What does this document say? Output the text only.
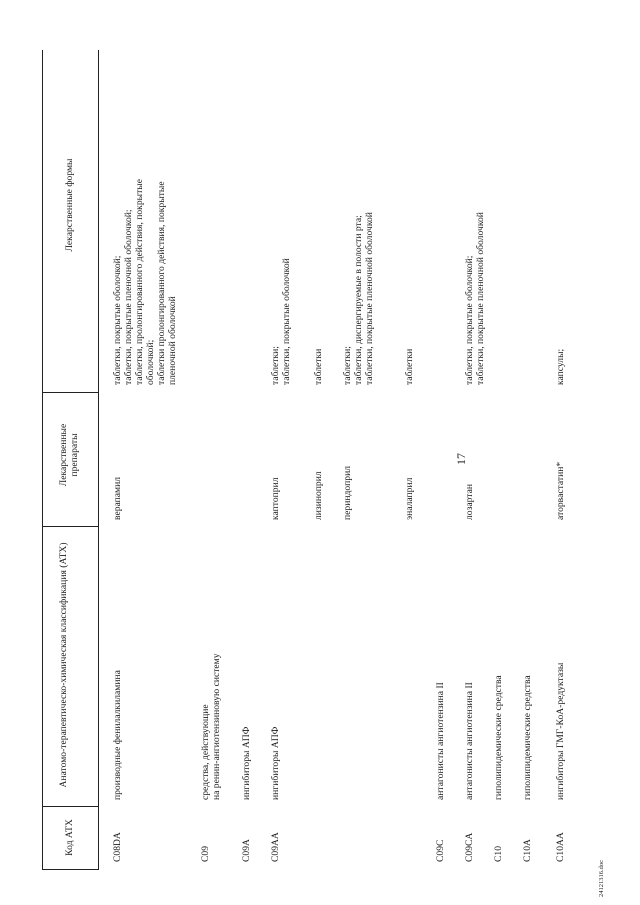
17
Код АТХ
Анатомо-терапевтическо-химическая классификация (АТХ)
Лекарственные препараты
Лекарственные формы
C08DA
производные фенилалкиламина
верапамил
таблетки, покрытые оболочкой; таблетки, покрытые пленочной оболочкой; таблетки, пролонгированного действия, покрытые оболочкой; таблетки пролонгированного действия, покрытые пленочной оболочкой
C09
средства, действующие на ренин-ангиотензиновую систему
C09A
ингибиторы АПФ
C09AA
ингибиторы АПФ
каптоприл
таблетки; таблетки, покрытые оболочкой
лизиноприл
таблетки
периндоприл
таблетки; таблетки, диспергируемые в полости рта; таблетки, покрытые пленочной оболочкой
эналаприл
таблетки
C09C
антагонисты ангиотензина II
C09CA
антагонисты ангиотензина II
лозартан
таблетки, покрытые оболочкой; таблетки, покрытые пленочной оболочкой
C10
гиполипидемические средства
C10A
гиполипидемические средства
C10AA
ингибиторы ГМГ-КоА-редуктазы
аторвастатин*
капсулы;
24121316.doc
